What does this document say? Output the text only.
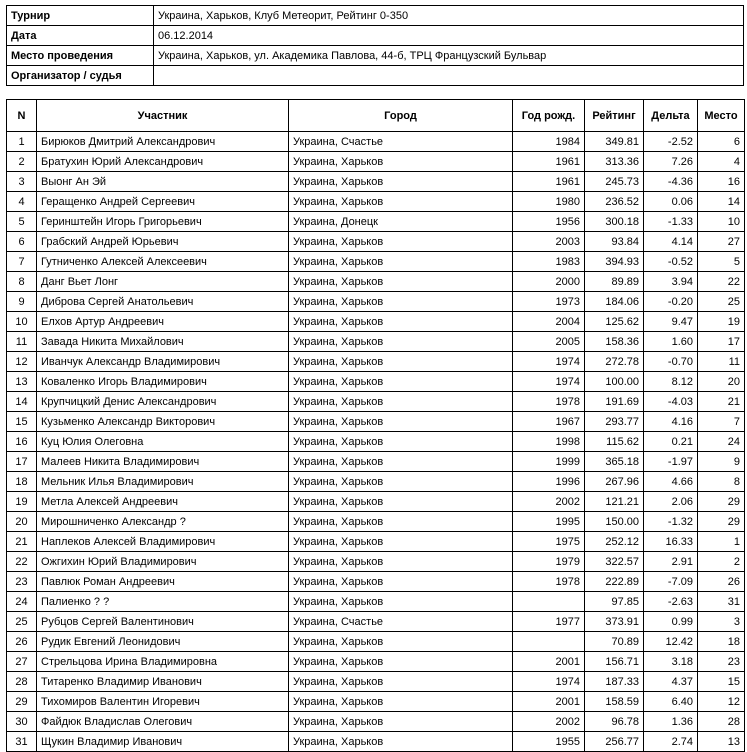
Турнир	Украина, Харьков, Клуб Метеорит, Рейтинг 0-350
Дата	06.12.2014
Место проведения	Украина, Харьков, ул. Академика Павлова, 44-б, ТРЦ Французский Бульвар
Организатор / судья	
N	Участник	Город	Год рожд.	Рейтинг	Дельта	Место
1	Бирюков Дмитрий Александрович	Украина, Счастье	1984	349.81	-2.52	6
2	Братухин Юрий Александрович	Украина, Харьков	1961	313.36	7.26	4
3	Выонг Ан Эй	Украина, Харьков	1961	245.73	-4.36	16
4	Геращенко Андрей Сергеевич	Украина, Харьков	1980	236.52	0.06	14
5	Геринштейн Игорь Григорьевич	Украина, Донецк	1956	300.18	-1.33	10
6	Грабский Андрей Юрьевич	Украина, Харьков	2003	93.84	4.14	27
7	Гутниченко Алексей Алексеевич	Украина, Харьков	1983	394.93	-0.52	5
8	Данг Вьет Лонг	Украина, Харьков	2000	89.89	3.94	22
9	Диброва Сергей Анатольевич	Украина, Харьков	1973	184.06	-0.20	25
10	Елхов Артур Андреевич	Украина, Харьков	2004	125.62	9.47	19
11	Завада Никита Михайлович	Украина, Харьков	2005	158.36	1.60	17
12	Иванчук Александр Владимирович	Украина, Харьков	1974	272.78	-0.70	11
13	Коваленко Игорь Владимирович	Украина, Харьков	1974	100.00	8.12	20
14	Крупчицкий Денис Александрович	Украина, Харьков	1978	191.69	-4.03	21
15	Кузьменко Александр Викторович	Украина, Харьков	1967	293.77	4.16	7
16	Куц Юлия Олеговна	Украина, Харьков	1998	115.62	0.21	24
17	Малеев Никита Владимирович	Украина, Харьков	1999	365.18	-1.97	9
18	Мельник Илья Владимирович	Украина, Харьков	1996	267.96	4.66	8
19	Метла Алексей Андреевич	Украина, Харьков	2002	121.21	2.06	29
20	Мирошниченко Александр ?	Украина, Харьков	1995	150.00	-1.32	29
21	Наплеков Алексей Владимирович	Украина, Харьков	1975	252.12	16.33	1
22	Ожгихин Юрий Владимирович	Украина, Харьков	1979	322.57	2.91	2
23	Павлюк Роман Андреевич	Украина, Харьков	1978	222.89	-7.09	26
24	Палиенко ? ?	Украина, Харьков		97.85	-2.63	31
25	Рубцов Сергей Валентинович	Украина, Счастье	1977	373.91	0.99	3
26	Рудик Евгений Леонидович	Украина, Харьков		70.89	12.42	18
27	Стрельцова Ирина Владимировна	Украина, Харьков	2001	156.71	3.18	23
28	Титаренко Владимир Иванович	Украина, Харьков	1974	187.33	4.37	15
29	Тихомиров Валентин Игоревич	Украина, Харьков	2001	158.59	6.40	12
30	Файдюк Владислав Олегович	Украина, Харьков	2002	96.78	1.36	28
31	Щукин Владимир Иванович	Украина, Харьков	1955	256.77	2.74	13
